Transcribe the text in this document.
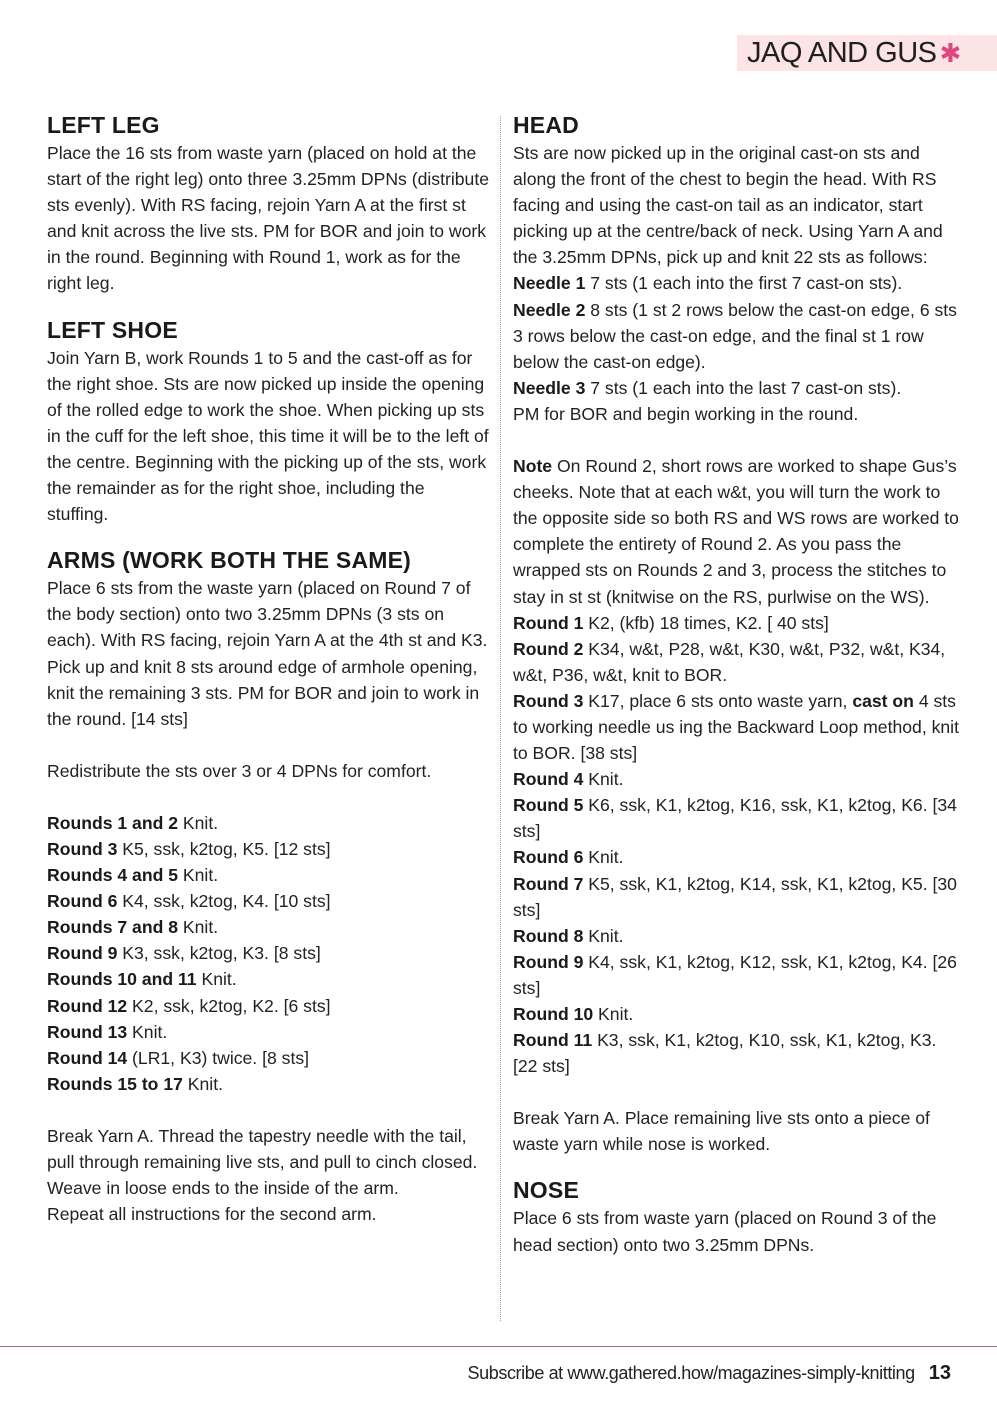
JAQ AND GUS ✱
LEFT LEG

Place the 16 sts from waste yarn (placed on hold at the start of the right leg) onto three 3.25mm DPNs (distribute sts evenly). With RS facing, rejoin Yarn A at the first st and knit across the live sts. PM for BOR and join to work in the round. Beginning with Round 1, work as for the right leg.

LEFT SHOE

Join Yarn B, work Rounds 1 to 5 and the cast-off as for the right shoe. Sts are now picked up inside the opening of the rolled edge to work the shoe. When picking up sts in the cuff for the left shoe, this time it will be to the left of the centre. Beginning with the picking up of the sts, work the remainder as for the right shoe, including the stuffing.

ARMS (WORK BOTH THE SAME)

Place 6 sts from the waste yarn (placed on Round 7 of the body section) onto two 3.25mm DPNs (3 sts on each). With RS facing, rejoin Yarn A at the 4th st and K3. Pick up and knit 8 sts around edge of armhole opening, knit the remaining 3 sts. PM for BOR and join to work in the round. [14 sts]

Redistribute the sts over 3 or 4 DPNs for comfort.

Rounds 1 and 2 Knit.

Round 3 K5, ssk, k2tog, K5. [12 sts]

Rounds 4 and 5 Knit.

Round 6 K4, ssk, k2tog, K4. [10 sts]

Rounds 7 and 8 Knit.

Round 9 K3, ssk, k2tog, K3. [8 sts]

Rounds 10 and 11 Knit.

Round 12 K2, ssk, k2tog, K2. [6 sts]

Round 13 Knit.

Round 14 (LR1, K3) twice. [8 sts]

Rounds 15 to 17 Knit.

Break Yarn A. Thread the tapestry needle with the tail, pull through remaining live sts, and pull to cinch closed. Weave in loose ends to the inside of the arm.

Repeat all instructions for the second arm.

HEAD

Sts are now picked up in the original cast-on sts and along the front of the chest to begin the head. With RS facing and using the cast-on tail as an indicator, start picking up at the centre/back of neck. Using Yarn A and the 3.25mm DPNs, pick up and knit 22 sts as follows:

Needle 1 7 sts (1 each into the first 7 cast-on sts).

Needle 2 8 sts (1 st 2 rows below the cast-on edge, 6 sts 3 rows below the cast-on edge, and the final st 1 row below the cast-on edge).

Needle 3 7 sts (1 each into the last 7 cast-on sts).

PM for BOR and begin working in the round.

Note On Round 2, short rows are worked to shape Gus’s cheeks. Note that at each w&t, you will turn the work to the opposite side so both RS and WS rows are worked to complete the entirety of Round 2. As you pass the wrapped sts on Rounds 2 and 3, process the stitches to stay in st st (knitwise on the RS, purlwise on the WS).

Round 1 K2, (kfb) 18 times, K2. [ 40 sts]

Round 2 K34, w&t, P28, w&t, K30, w&t, P32, w&t, K34, w&t, P36, w&t, knit to BOR.

Round 3 K17, place 6 sts onto waste yarn, cast on 4 sts to working needle us ing the Backward Loop method, knit to BOR. [38 sts]

Round 4 Knit.

Round 5 K6, ssk, K1, k2tog, K16, ssk, K1, k2tog, K6. [34 sts]

Round 6 Knit.

Round 7 K5, ssk, K1, k2tog, K14, ssk, K1, k2tog, K5. [30 sts]

Round 8 Knit.

Round 9 K4, ssk, K1, k2tog, K12, ssk, K1, k2tog, K4. [26 sts]

Round 10 Knit.

Round 11 K3, ssk, K1, k2tog, K10, ssk, K1, k2tog, K3. [22 sts]

Break Yarn A. Place remaining live sts onto a piece of waste yarn while nose is worked.

NOSE

Place 6 sts from waste yarn (placed on Round 3 of the head section) onto two 3.25mm DPNs.

Subscribe at www.gathered.how/magazines-simply-knitting 13
